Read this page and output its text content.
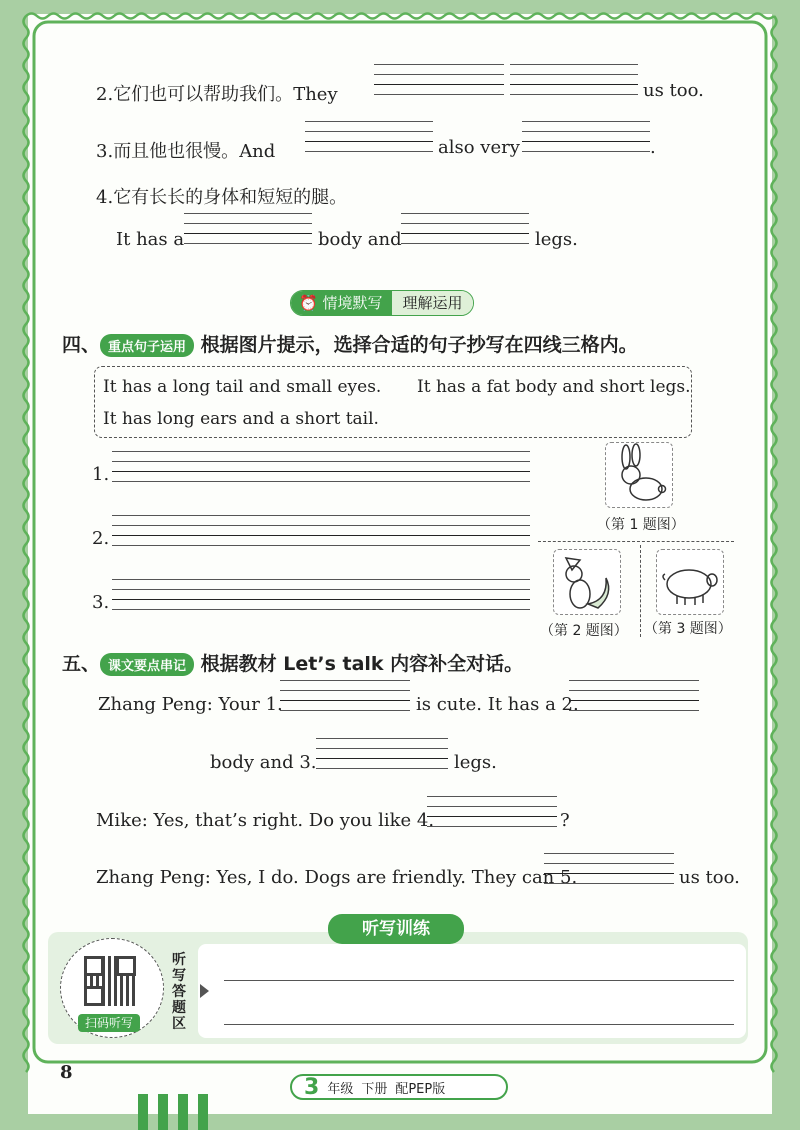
2.它们也可以帮助我们。They	us too.
3.而且他也很慢。And	also very	.
4.它有长长的身体和短短的腿。
It has a	body and	legs.
⏰ 情境默写	理解运用
四、 重点句子运用 根据图片提示，选择合适的句子抄写在四线三格内。
It has a long tail and small eyes. It has a fat body and short legs.
It has long ears and a short tail.
1.
2.
3.
（第 1 题图）
（第 2 题图） （第 3 题图）
五、 课文要点串记 根据教材 Let’s talk 内容补全对话。
Zhang Peng: Your 1.	is cute. It has a 2.
body and 3.	legs.
Mike: Yes, that’s right. Do you like 4.	?
Zhang Peng: Yes, I do. Dogs are friendly. They can 5.	us too.
听写训练
听写答题区
扫码听写
8
3 年级 下册 配PEP版
